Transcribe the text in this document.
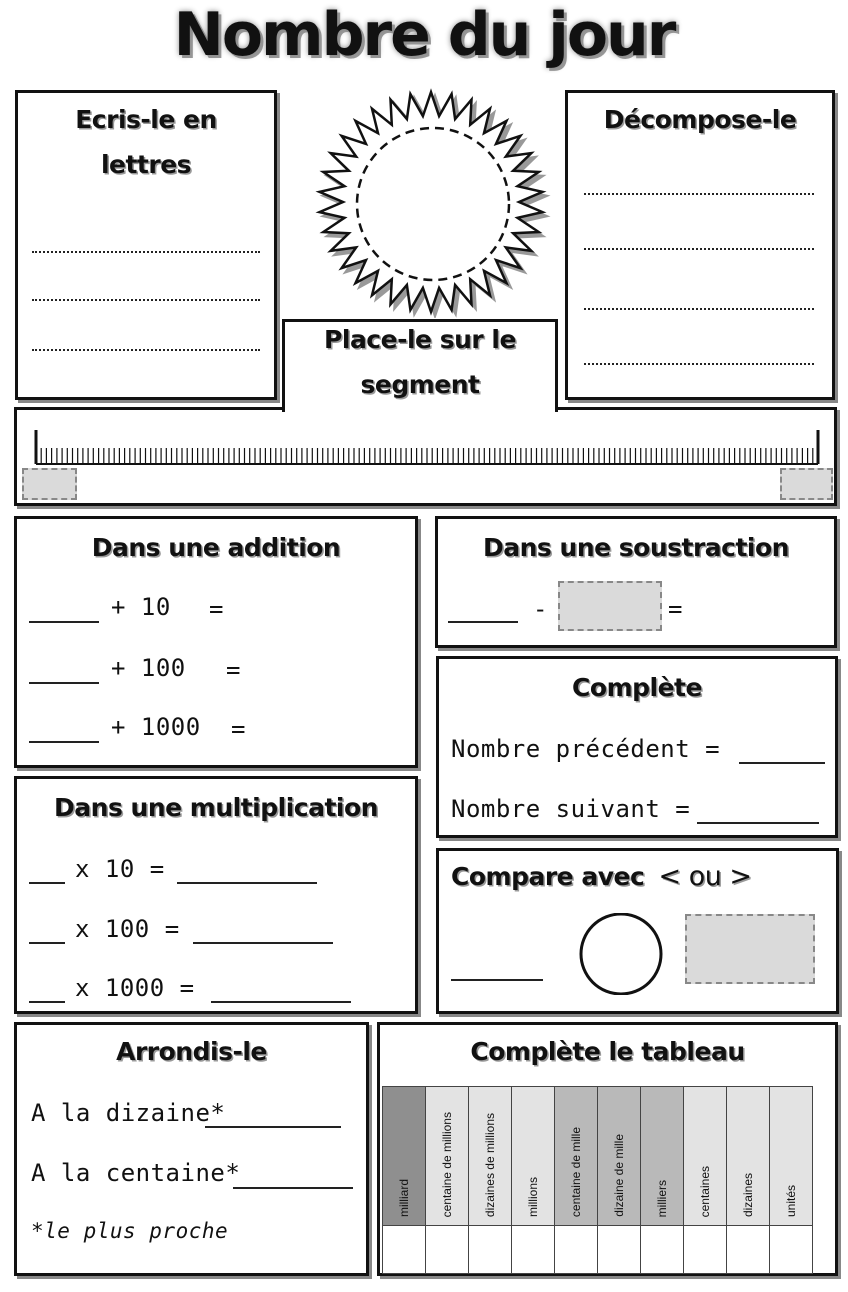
Nombre du jour
Ecris-le en
lettres
Décompose-le
Place-le sur le
segment
Dans une addition
+ 10 =
+ 100 =
+ 1000 =
Dans une soustraction
-	=
Complète
Nombre précédent =
Nombre suivant =
Dans une multiplication
x 10 =
x 100 =
x 1000 =
Compare avec < ou >
Arrondis-le
A la dizaine*
A la centaine*
*le plus proche
Complète le tableau
milliard	centaine de millions	dizaines de millions	millions	centaine de mille	dizaine de mille	milliers	centaines	dizaines	unités
